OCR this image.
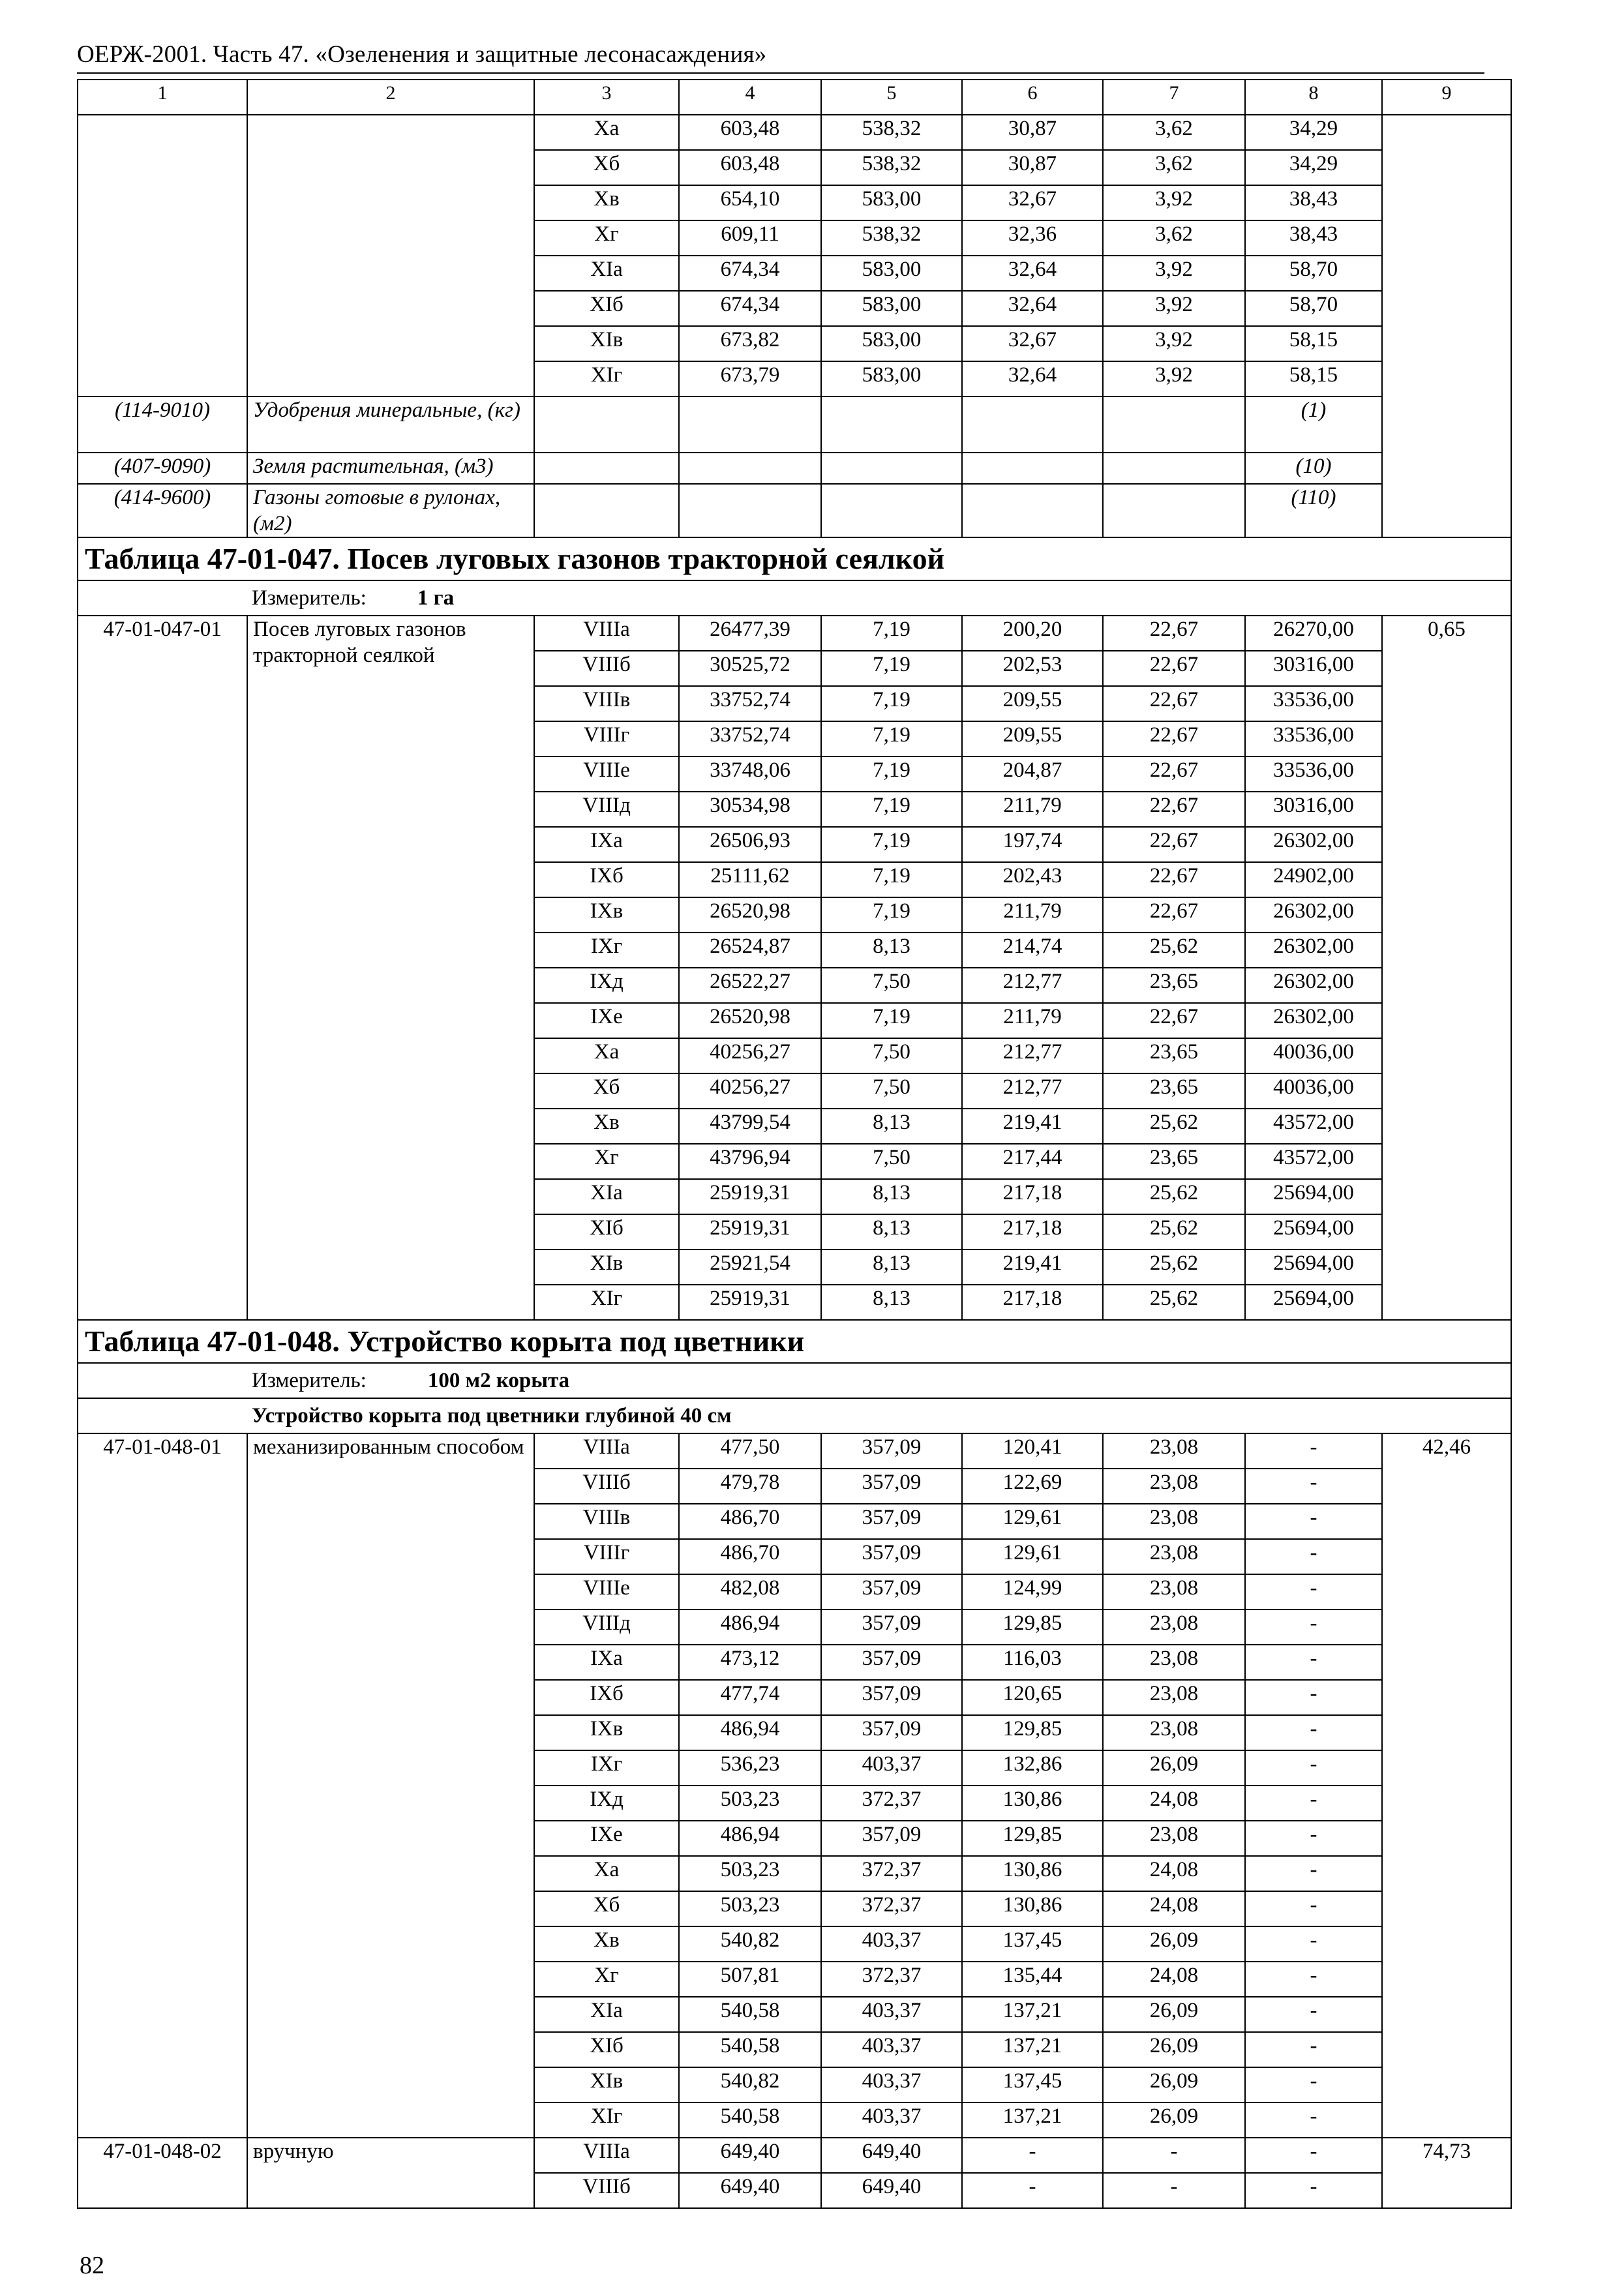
ОЕРЖ-2001. Часть 47. «Озеленения и защитные лесонасаждения»
1	2	3	4	5	6	7	8	9
		Xа	603,48	538,32	30,87	3,62	34,29	
		Xб	603,48	538,32	30,87	3,62	34,29	
		Xв	654,10	583,00	32,67	3,92	38,43	
		Xг	609,11	538,32	32,36	3,62	38,43	
		XIа	674,34	583,00	32,64	3,92	58,70	
		XIб	674,34	583,00	32,64	3,92	58,70	
		XIв	673,82	583,00	32,67	3,92	58,15	
		XIг	673,79	583,00	32,64	3,92	58,15	
(114-9010)	Удобрения минеральные, (кг)						(1)	
(407-9090)	Земля растительная, (м3)						(10)	
(414-9600)	Газоны готовые в рулонах, (м2)						(110)	
Таблица 47-01-047. Посев луговых газонов тракторной сеялкой								
Измеритель: 1 га								
47-01-047-01	Посев луговых газонов тракторной сеялкой	VIIIа	26477,39	7,19	200,20	22,67	26270,00	0,65
		VIIIб	30525,72	7,19	202,53	22,67	30316,00	
		VIIIв	33752,74	7,19	209,55	22,67	33536,00	
		VIIIг	33752,74	7,19	209,55	22,67	33536,00	
		VIIIе	33748,06	7,19	204,87	22,67	33536,00	
		VIIIд	30534,98	7,19	211,79	22,67	30316,00	
		IXа	26506,93	7,19	197,74	22,67	26302,00	
		IXб	25111,62	7,19	202,43	22,67	24902,00	
		IXв	26520,98	7,19	211,79	22,67	26302,00	
		IXг	26524,87	8,13	214,74	25,62	26302,00	
		IXд	26522,27	7,50	212,77	23,65	26302,00	
		IXе	26520,98	7,19	211,79	22,67	26302,00	
		Xа	40256,27	7,50	212,77	23,65	40036,00	
		Xб	40256,27	7,50	212,77	23,65	40036,00	
		Xв	43799,54	8,13	219,41	25,62	43572,00	
		Xг	43796,94	7,50	217,44	23,65	43572,00	
		XIа	25919,31	8,13	217,18	25,62	25694,00	
		XIб	25919,31	8,13	217,18	25,62	25694,00	
		XIв	25921,54	8,13	219,41	25,62	25694,00	
		XIг	25919,31	8,13	217,18	25,62	25694,00	
Таблица 47-01-048. Устройство корыта под цветники								
Измеритель: 100 м2 корыта								
Устройство корыта под цветники глубиной 40 см								
47-01-048-01	механизированным способом	VIIIа	477,50	357,09	120,41	23,08	-	42,46
		VIIIб	479,78	357,09	122,69	23,08	-	
		VIIIв	486,70	357,09	129,61	23,08	-	
		VIIIг	486,70	357,09	129,61	23,08	-	
		VIIIе	482,08	357,09	124,99	23,08	-	
		VIIIд	486,94	357,09	129,85	23,08	-	
		IXа	473,12	357,09	116,03	23,08	-	
		IXб	477,74	357,09	120,65	23,08	-	
		IXв	486,94	357,09	129,85	23,08	-	
		IXг	536,23	403,37	132,86	26,09	-	
		IXд	503,23	372,37	130,86	24,08	-	
		IXе	486,94	357,09	129,85	23,08	-	
		Xа	503,23	372,37	130,86	24,08	-	
		Xб	503,23	372,37	130,86	24,08	-	
		Xв	540,82	403,37	137,45	26,09	-	
		Xг	507,81	372,37	135,44	24,08	-	
		XIа	540,58	403,37	137,21	26,09	-	
		XIб	540,58	403,37	137,21	26,09	-	
		XIв	540,82	403,37	137,45	26,09	-	
		XIг	540,58	403,37	137,21	26,09	-	
47-01-048-02	вручную	VIIIа	649,40	649,40	-	-	-	74,73
		VIIIб	649,40	649,40	-	-	-	
82
